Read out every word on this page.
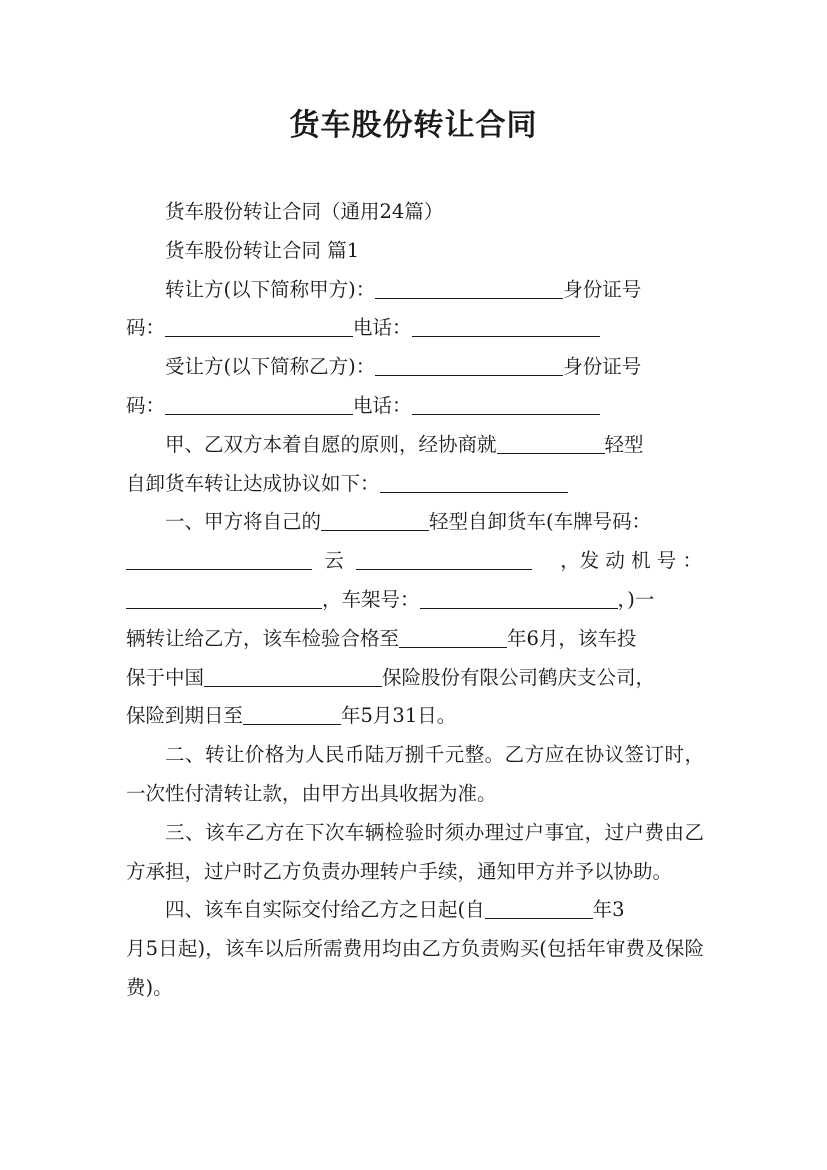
货车股份转让合同

货车股份转让合同（通用24篇）

货车股份转让合同 篇1

转让方(以下简称甲方)：	身份证号

码：	电话：

受让方(以下简称乙方)：	身份证号

码：	电话：

甲、乙双方本着自愿的原则，经协商就	轻型

自卸货车转让达成协议如下：

一、甲方将自己的	轻型自卸货车(车牌号码：

云	，发 动 机 号 ：

，车架号：	，)一

辆转让给乙方，该车检验合格至	年6月，该车投

保于中国	保险股份有限公司鹤庆支公司，

保险到期日至	年5月31日。

二、转让价格为人民币陆万捌千元整。乙方应在协议签订时，一次性付清转让款，由甲方出具收据为准。

三、该车乙方在下次车辆检验时须办理过户事宜，过户费由乙方承担，过户时乙方负责办理转户手续，通知甲方并予以协助。

四、该车自实际交付给乙方之日起(自	年3

月5日起)，该车以后所需费用均由乙方负责购买(包括年审费及保险费)。
